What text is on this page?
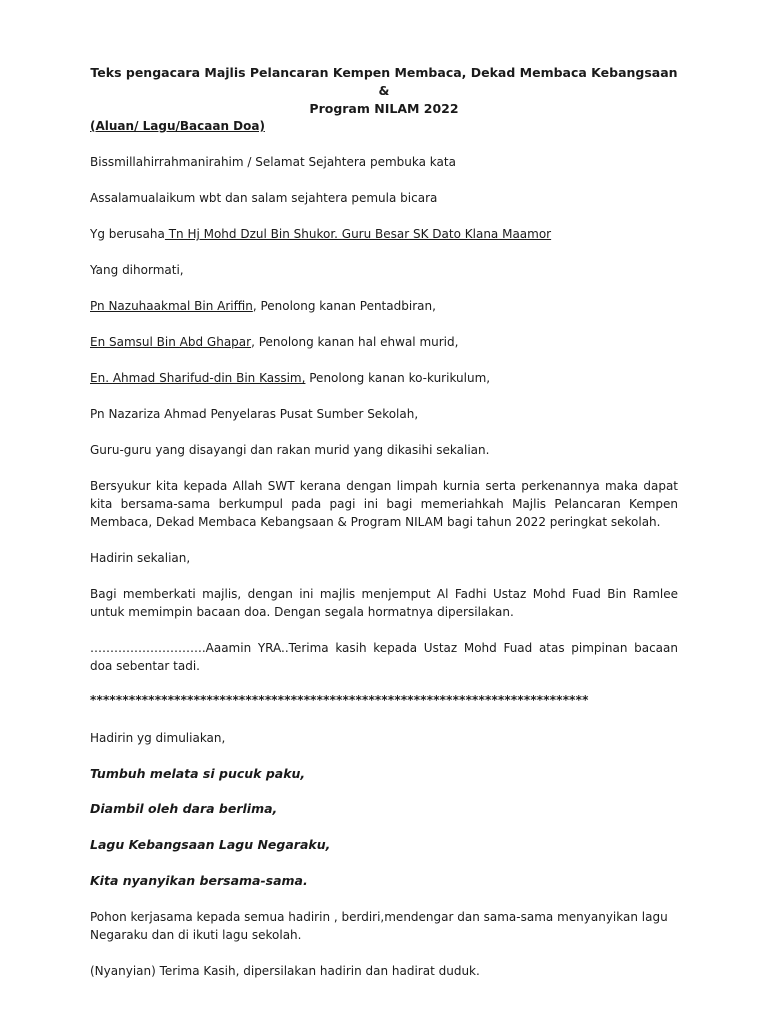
Teks pengacara Majlis Pelancaran Kempen Membaca, Dekad Membaca Kebangsaan &
Program NILAM 2022

(Aluan/ Lagu/Bacaan Doa)

Bissmillahirrahmanirahim / Selamat Sejahtera pembuka kata

Assalamualaikum wbt dan salam sejahtera pemula bicara

Yg berusaha Tn Hj Mohd Dzul Bin Shukor. Guru Besar SK Dato Klana Maamor

Yang dihormati,

Pn Nazuhaakmal Bin Ariffin, Penolong kanan Pentadbiran,

En Samsul Bin Abd Ghapar, Penolong kanan hal ehwal murid,

En. Ahmad Sharifud-din Bin Kassim, Penolong kanan ko-kurikulum,

Pn Nazariza Ahmad Penyelaras Pusat Sumber Sekolah,

Guru-guru yang disayangi dan rakan murid yang dikasihi sekalian.

Bersyukur kita kepada Allah SWT kerana dengan limpah kurnia serta perkenannya maka dapat kita bersama-sama berkumpul pada pagi ini bagi memeriahkah Majlis Pelancaran Kempen Membaca, Dekad Membaca Kebangsaan & Program NILAM bagi tahun 2022 peringkat sekolah.

Hadirin sekalian,

Bagi memberkati majlis, dengan ini majlis menjemput Al Fadhi Ustaz Mohd Fuad Bin Ramlee untuk memimpin bacaan doa. Dengan segala hormatnya dipersilakan.

………………………..Aaamin YRA..Terima kasih kepada Ustaz Mohd Fuad atas pimpinan bacaan doa sebentar tadi.

*****************************************************************************

Hadirin yg dimuliakan,

Tumbuh melata si pucuk paku,

Diambil oleh dara berlima,

Lagu Kebangsaan Lagu Negaraku,

Kita nyanyikan bersama-sama.

Pohon kerjasama kepada semua hadirin , berdiri,mendengar dan sama-sama menyanyikan lagu Negaraku dan di ikuti lagu sekolah.

(Nyanyian) Terima Kasih, dipersilakan hadirin dan hadirat duduk.
